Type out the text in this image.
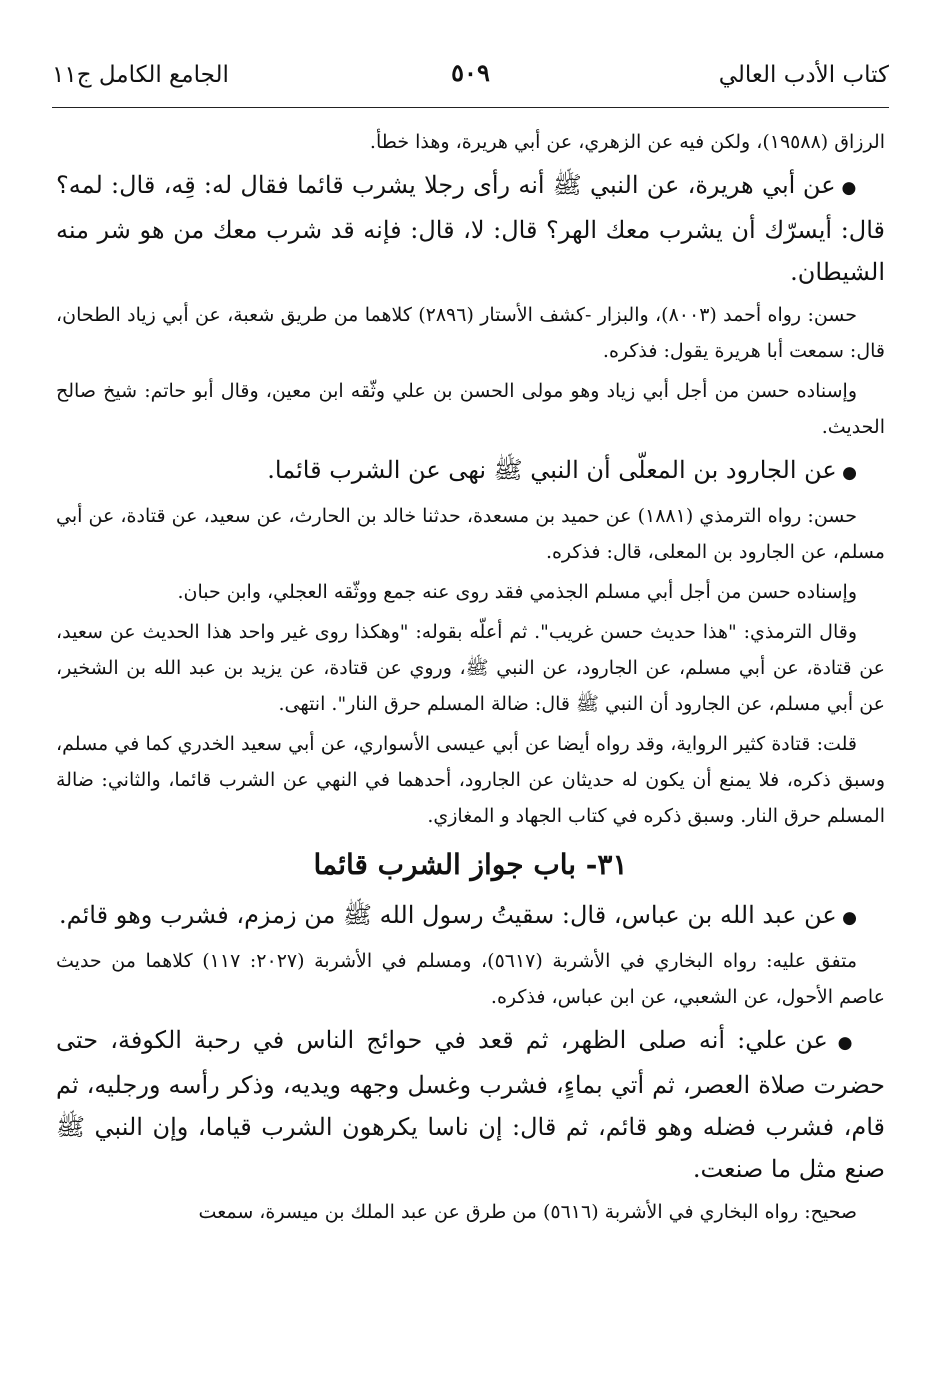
كتاب الأدب العالي
٥٠٩
الجامع الكامل ج١١

الرزاق (١٩٥٨٨)، ولكن فيه عن الزهري، عن أبي هريرة، وهذا خطأ.

● عن أبي هريرة، عن النبي ﷺ أنه رأى رجلا يشرب قائما فقال له: قِه، قال: لمه؟ قال: أيسرّك أن يشرب معك الهر؟ قال: لا، قال: فإنه قد شرب معك من هو شر منه الشيطان.

حسن: رواه أحمد (٨٠٠٣)، والبزار -كشف الأستار (٢٨٩٦) كلاهما من طريق شعبة، عن أبي زياد الطحان، قال: سمعت أبا هريرة يقول: فذكره.

وإسناده حسن من أجل أبي زياد وهو مولى الحسن بن علي وثّقه ابن معين، وقال أبو حاتم: شيخ صالح الحديث.

● عن الجارود بن المعلّى أن النبي ﷺ نهى عن الشرب قائما.

حسن: رواه الترمذي (١٨٨١) عن حميد بن مسعدة، حدثنا خالد بن الحارث، عن سعيد، عن قتادة، عن أبي مسلم، عن الجارود بن المعلى، قال: فذكره.

وإسناده حسن من أجل أبي مسلم الجذمي فقد روى عنه جمع ووثّقه العجلي، وابن حبان.

وقال الترمذي: "هذا حديث حسن غريب". ثم أعلّه بقوله: "وهكذا روى غير واحد هذا الحديث عن سعيد، عن قتادة، عن أبي مسلم، عن الجارود، عن النبي ﷺ، وروي عن قتادة، عن يزيد بن عبد الله بن الشخير، عن أبي مسلم، عن الجارود أن النبي ﷺ قال: ضالة المسلم حرق النار". انتهى.

قلت: قتادة كثير الرواية، وقد رواه أيضا عن أبي عيسى الأسواري، عن أبي سعيد الخدري كما في مسلم، وسبق ذكره، فلا يمنع أن يكون له حديثان عن الجارود، أحدهما في النهي عن الشرب قائما، والثاني: ضالة المسلم حرق النار. وسبق ذكره في كتاب الجهاد و المغازي.

٣١- باب جواز الشرب قائما

● عن عبد الله بن عباس، قال: سقيتُ رسول الله ﷺ من زمزم، فشرب وهو قائم.

متفق عليه: رواه البخاري في الأشربة (٥٦١٧)، ومسلم في الأشربة (٢٠٢٧: ١١٧) كلاهما من حديث عاصم الأحول، عن الشعبي، عن ابن عباس، فذكره.

● عن علي: أنه صلى الظهر، ثم قعد في حوائج الناس في رحبة الكوفة، حتى حضرت صلاة العصر، ثم أتي بماءٍ، فشرب وغسل وجهه ويديه، وذكر رأسه ورجليه، ثم قام، فشرب فضله وهو قائم، ثم قال: إن ناسا يكرهون الشرب قياما، وإن النبي ﷺ صنع مثل ما صنعت.

صحيح: رواه البخاري في الأشربة (٥٦١٦) من طرق عن عبد الملك بن ميسرة، سمعت
